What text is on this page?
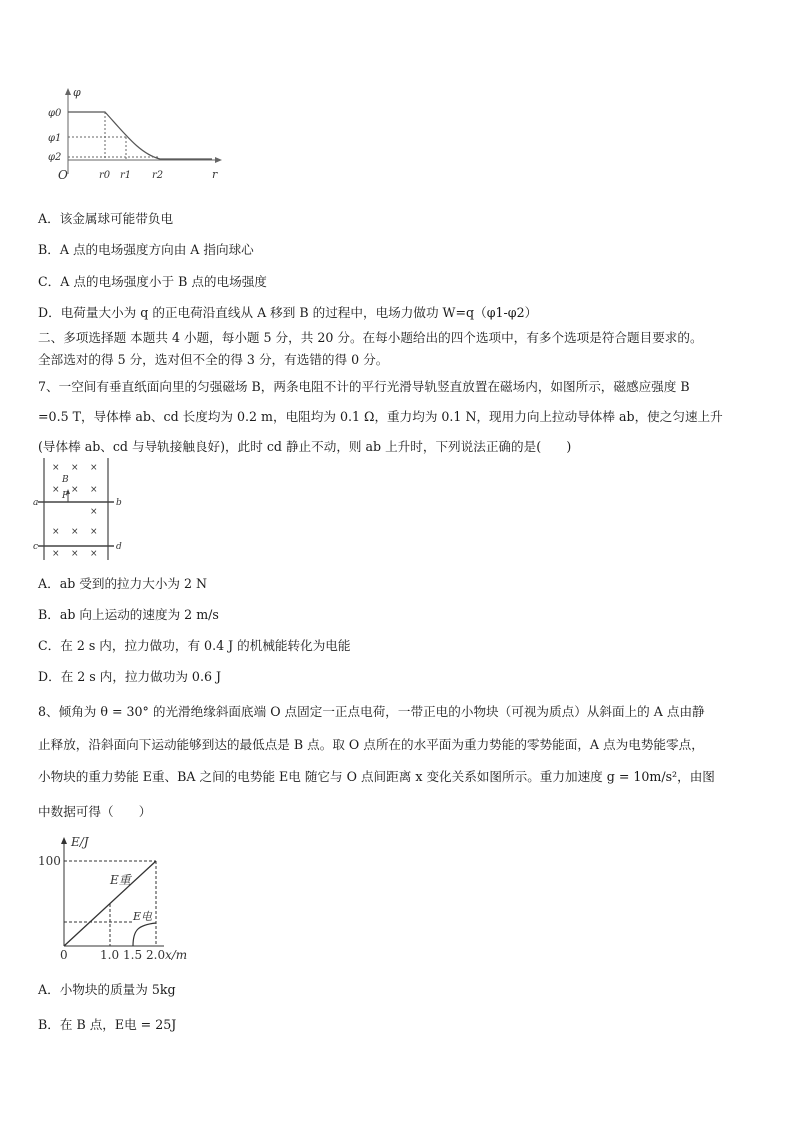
φ
φ0
φ1
φ2
O	r0 r1 r2	r
A．该金属球可能带负电
B．A 点的电场强度方向由 A 指向球心
C．A 点的电场强度小于 B 点的电场强度
D．电荷量大小为 q 的正电荷沿直线从 A 移到 B 的过程中，电场力做功 W=q（φ1-φ2）
二、多项选择题 本题共 4 小题，每小题 5 分，共 20 分。在每小题给出的四个选项中，有多个选项是符合题目要求的。
全部选对的得 5 分，选对但不全的得 3 分，有选错的得 0 分。
7、一空间有垂直纸面向里的匀强磁场 B，两条电阻不计的平行光滑导轨竖直放置在磁场内，如图所示，磁感应强度 B
=0.5 T，导体棒 ab、cd 长度均为 0.2 m，电阻均为 0.1 Ω，重力均为 0.1 N，现用力向上拉动导体棒 ab，使之匀速上升
(导体棒 ab、cd 与导轨接触良好)，此时 cd 静止不动，则 ab 上升时，下列说法正确的是(　　)
× × ×
× ×
×
×
× × ×
× × ×
B
F
a	b
c	d
A．ab 受到的拉力大小为 2 N
B．ab 向上运动的速度为 2 m/s
C．在 2 s 内，拉力做功，有 0.4 J 的机械能转化为电能
D．在 2 s 内，拉力做功为 0.6 J
8、倾角为 θ = 30° 的光滑绝缘斜面底端 O 点固定一正点电荷，一带正电的小物块（可视为质点）从斜面上的 A 点由静
止释放，沿斜面向下运动能够到达的最低点是 B 点。取 O 点所在的水平面为重力势能的零势能面，A 点为电势能零点，
小物块的重力势能 E重、BA 之间的电势能 E电 随它与 O 点间距离 x 变化关系如图所示。重力加速度 g = 10m/s²，由图
中数据可得（　　）
E/J
100
0	1.0 1.5 2.0 x/m
E重
E电
A．小物块的质量为 5kg
B．在 B 点，E电 = 25J
